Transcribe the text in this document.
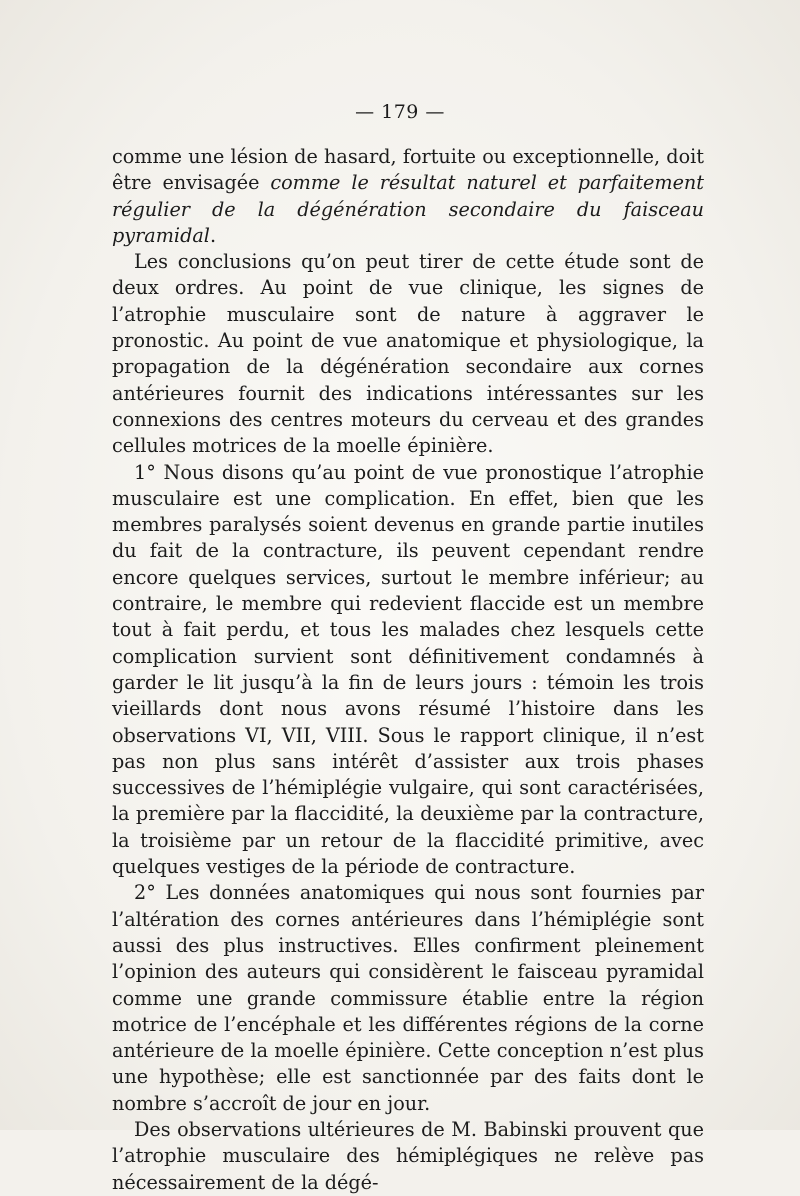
— 179 —

comme une lésion de hasard, fortuite ou exceptionnelle, doit être envisagée comme le résultat naturel et parfaitement régulier de la dégénération secondaire du faisceau pyramidal.

Les conclusions qu’on peut tirer de cette étude sont de deux ordres. Au point de vue clinique, les signes de l’atrophie musculaire sont de nature à aggraver le pronostic. Au point de vue anatomique et physiologique, la propagation de la dégénération secondaire aux cornes antérieures fournit des indications intéressantes sur les connexions des centres moteurs du cerveau et des grandes cellules motrices de la moelle épinière.

1° Nous disons qu’au point de vue pronostique l’atrophie musculaire est une complication. En effet, bien que les membres paralysés soient devenus en grande partie inutiles du fait de la contracture, ils peuvent cependant rendre encore quelques services, surtout le membre inférieur; au contraire, le membre qui redevient flaccide est un membre tout à fait perdu, et tous les malades chez lesquels cette complication survient sont définitivement condamnés à garder le lit jusqu’à la fin de leurs jours : témoin les trois vieillards dont nous avons résumé l’histoire dans les observations VI, VII, VIII. Sous le rapport clinique, il n’est pas non plus sans intérêt d’assister aux trois phases successives de l’hémiplégie vulgaire, qui sont caractérisées, la première par la flaccidité, la deuxième par la contracture, la troisième par un retour de la flaccidité primitive, avec quelques vestiges de la période de contracture.

2° Les données anatomiques qui nous sont fournies par l’altération des cornes antérieures dans l’hémiplégie sont aussi des plus instructives. Elles confirment pleinement l’opinion des auteurs qui considèrent le faisceau pyramidal comme une grande commissure établie entre la région motrice de l’encéphale et les différentes régions de la corne antérieure de la moelle épinière. Cette conception n’est plus une hypothèse; elle est sanctionnée par des faits dont le nombre s’accroît de jour en jour.

Des observations ultérieures de M. Babinski prouvent que l’atrophie musculaire des hémiplégiques ne relève pas nécessairement de la dégé-
